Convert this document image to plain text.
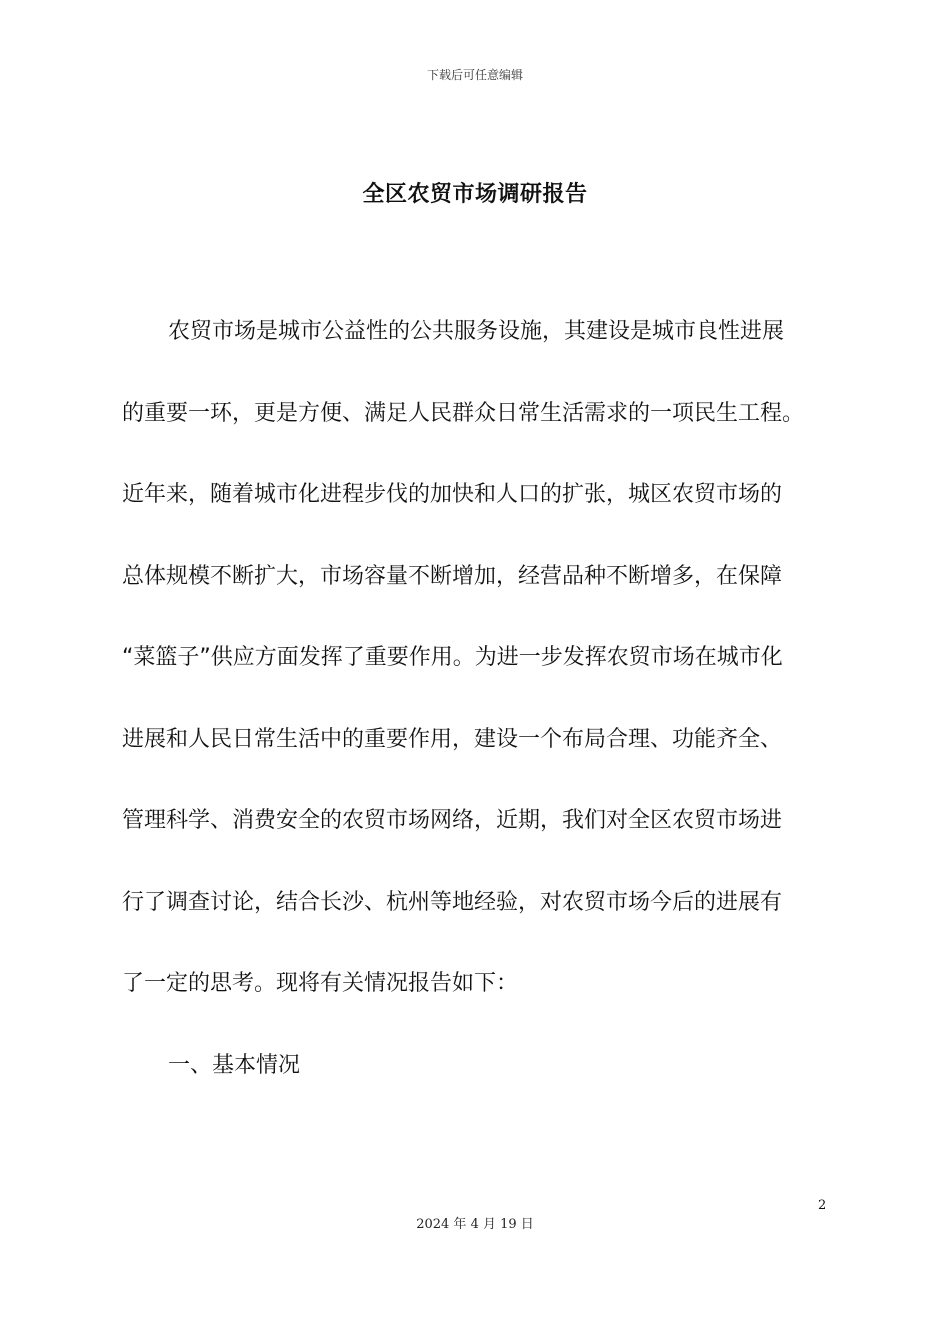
下载后可任意编辑
全区农贸市场调研报告
农贸市场是城市公益性的公共服务设施，其建设是城市良性进展
的重要一环，更是方便、满足人民群众日常生活需求的一项民生工程。
近年来，随着城市化进程步伐的加快和人口的扩张，城区农贸市场的
总体规模不断扩大，市场容量不断增加，经营品种不断增多，在保障
“菜篮子”供应方面发挥了重要作用。为进一步发挥农贸市场在城市化
进展和人民日常生活中的重要作用，建设一个布局合理、功能齐全、
管理科学、消费安全的农贸市场网络，近期，我们对全区农贸市场进
行了调查讨论，结合长沙、杭州等地经验，对农贸市场今后的进展有
了一定的思考。现将有关情况报告如下：
一、基本情况
2
2024 年 4 月 19 日
